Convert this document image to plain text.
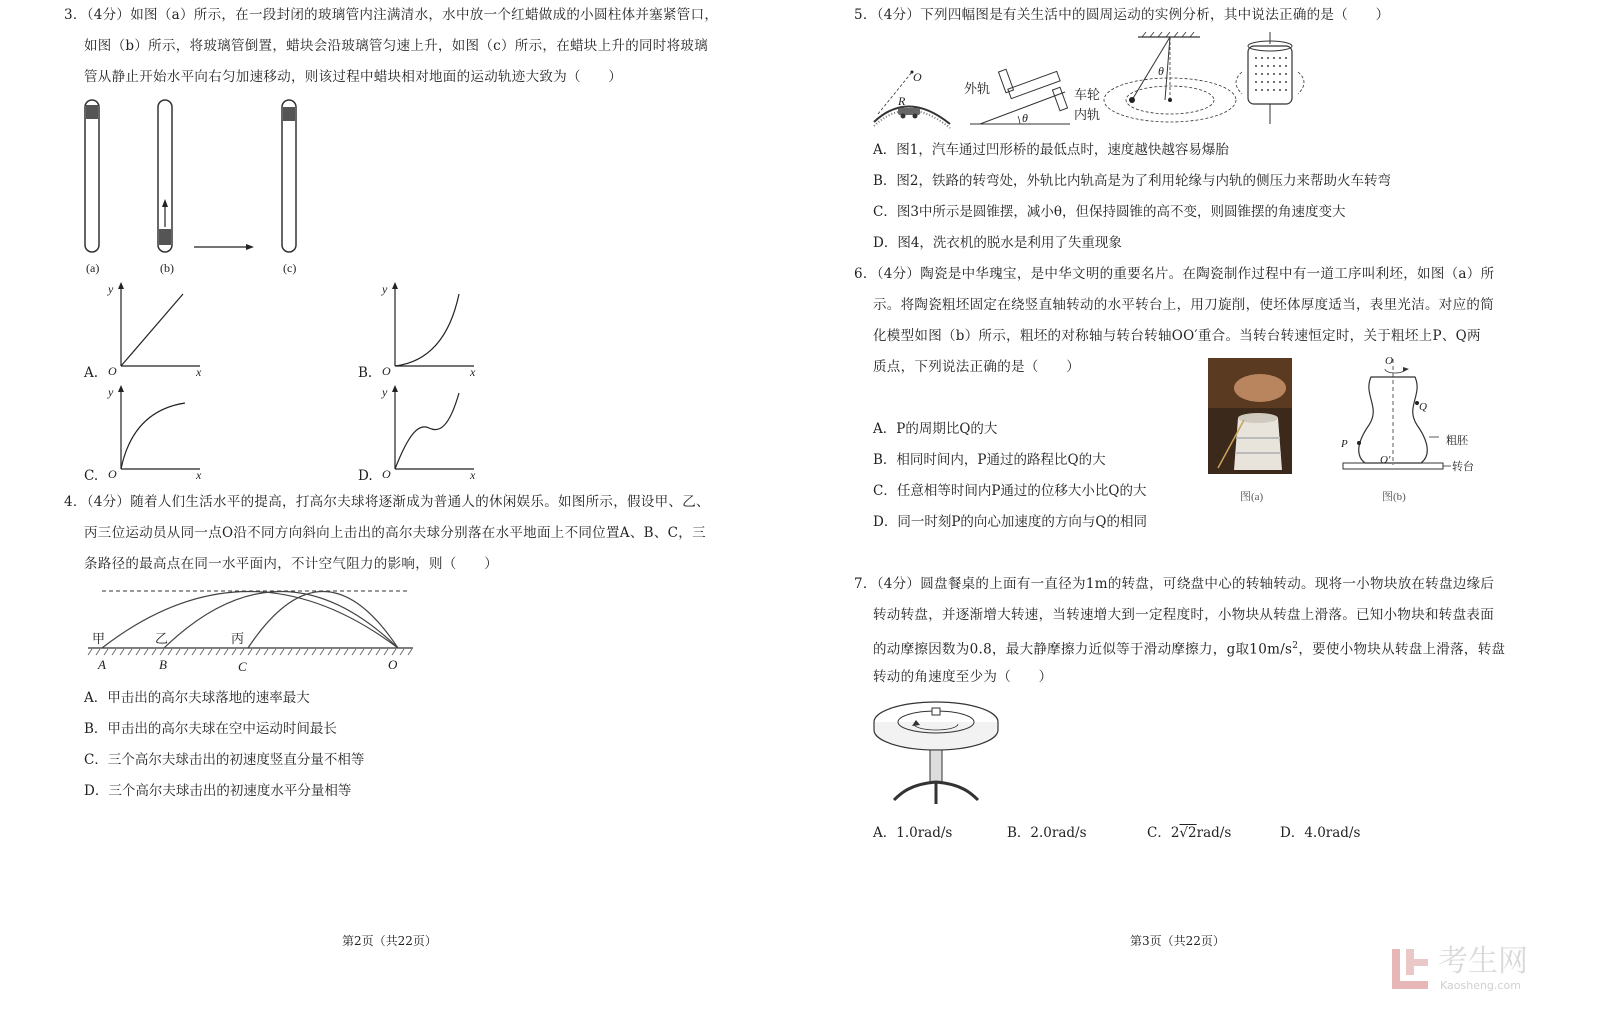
3．（4分）如图（a）所示，在一段封闭的玻璃管内注满清水，水中放一个红蜡做成的小圆柱体并塞紧管口，
如图（b）所示，将玻璃管倒置，蜡块会沿玻璃管匀速上升，如图（c）所示，在蜡块上升的同时将玻璃
管从静止开始水平向右匀加速移动，则该过程中蜡块相对地面的运动轨迹大致为（　　）
(a)	(b)	(c)
A.
y
O	x	B.
y
O	x
C.
y
O	x	D.
y
O	x
4．（4分）随着人们生活水平的提高，打高尔夫球将逐渐成为普通人的休闲娱乐。如图所示，假设甲、乙、
丙三位运动员从同一点O沿不同方向斜向上击出的高尔夫球分别落在水平地面上不同位置A、B、C，三
条路径的最高点在同一水平面内，不计空气阻力的影响，则（　　）
甲	乙	丙
A	B	C	O
A．甲击出的高尔夫球落地的速率最大
B．甲击出的高尔夫球在空中运动时间最长
C．三个高尔夫球击出的初速度竖直分量不相等
D．三个高尔夫球击出的初速度水平分量相等
第2页（共22页）
5．（4分）下列四幅图是有关生活中的圆周运动的实例分析，其中说法正确的是（　　）
O
R
外轨	车轮
内轨
θ
θ
A．图1，汽车通过凹形桥的最低点时，速度越快越容易爆胎
B．图2，铁路的转弯处，外轨比内轨高是为了利用轮缘与内轨的侧压力来帮助火车转弯
C．图3中所示是圆锥摆，减小θ，但保持圆锥的高不变，则圆锥摆的角速度变大
D．图4，洗衣机的脱水是利用了失重现象
6．（4分）陶瓷是中华瑰宝，是中华文明的重要名片。在陶瓷制作过程中有一道工序叫利坯，如图（a）所
示。将陶瓷粗坯固定在绕竖直轴转动的水平转台上，用刀旋削，使坯体厚度适当，表里光洁。对应的简
化模型如图（b）所示，粗坯的对称轴与转台转轴OO′重合。当转台转速恒定时，关于粗坯上P、Q两
质点，下列说法正确的是（　　）
图(a)
O
Q
P
O′
粗胚
转台
图(b)
A．P的周期比Q的大
B．相同时间内，P通过的路程比Q的大
C．任意相等时间内P通过的位移大小比Q的大
D．同一时刻P的向心加速度的方向与Q的相同
7．（4分）圆盘餐桌的上面有一直径为1m的转盘，可绕盘中心的转轴转动。现将一小物块放在转盘边缘后
转动转盘，并逐渐增大转速，当转速增大到一定程度时，小物块从转盘上滑落。已知小物块和转盘表面
的动摩擦因数为0.8，最大静摩擦力近似等于滑动摩擦力，g取$10m/s^2$，要使小物块从转盘上滑落，转盘
转动的角速度至少为（　　）
A．1.0rad/s	B．2.0rad/s	C．2√2rad/s	D．4.0rad/s
第3页（共22页）
考生网
Kaosheng.com
